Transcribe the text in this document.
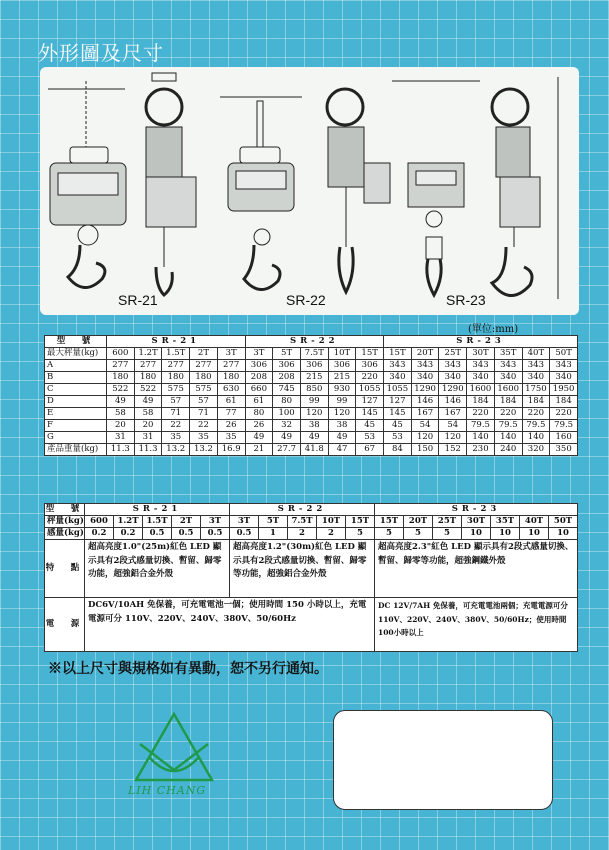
外形圖及尺寸
SR-21	SR-22	SR-23
(單位:mm)
型　號	SR-21					SR-22					SR-23						
最大秤量(kg)	600	1.2T	1.5T	2T	3T	3T	5T	7.5T	10T	15T	15T	20T	25T	30T	35T	40T	50T
A	277	277	277	277	277	306	306	306	306	306	343	343	343	343	343	343	343
B	180	180	180	180	180	208	208	215	215	220	340	340	340	340	340	340	340
C	522	522	575	575	630	660	745	850	930	1055	1055	1290	1290	1600	1600	1750	1950
D	49	49	57	57	61	61	80	99	99	127	127	146	146	184	184	184	184
E	58	58	71	71	77	80	100	120	120	145	145	167	167	220	220	220	220
F	20	20	22	22	26	26	32	38	38	45	45	54	54	79.5	79.5	79.5	79.5
G	31	31	35	35	35	49	49	49	49	53	53	120	120	140	140	140	160
產品重量(kg)	11.3	11.3	13.2	13.2	16.9	21	27.7	41.8	47	67	84	150	152	230	240	320	350
型　號	SR-21					SR-22					SR-23						
秤量(kg)	600	1.2T	1.5T	2T	3T	3T	5T	7.5T	10T	15T	15T	20T	25T	30T	35T	40T	50T
感量(kg)	0.2	0.2	0.5	0.5	0.5	0.5	1	2	2	5	5	5	5	10	10	10	10
特　點	超高亮度1.0"(25m)紅色 LED 顯示具有2段式感量切換、暫留、歸零功能，超強鋁合金外殼					超高亮度1.2"(30m)紅色 LED 顯示具有2段式感量切換、暫留、歸零等功能，超強鋁合金外殼					超高亮度2.3"紅色 LED 顯示具有2段式感量切換、暫留、歸零等功能，超強鋼鐵外殼						
電　源	DC6V/10AH 免保養，可充電電池一個；使用時間 150 小時以上，充電電源可分 110V、220V、240V、380V、50/60Hz										DC 12V/7AH 免保養，可充電電池兩個；充電電源可分 110V、220V、240V、380V、50/60Hz；使用時間 100小時以上						
※以上尺寸與規格如有異動，恕不另行通知。
LIH CHANG
